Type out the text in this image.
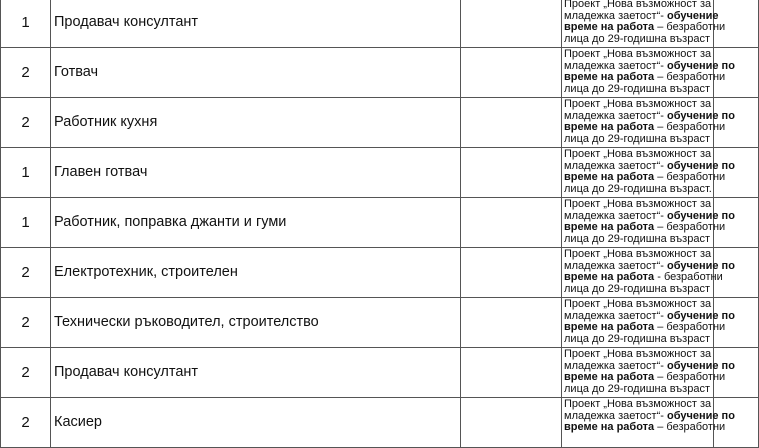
1	Продавач консултант		Проект „Нова възможност за
младежка заетост“- обучение
време на работа – безработни
лица до 29-годишна възраст	

2	Готвач		Проект „Нова възможност за
младежка заетост“- обучение по
време на работа – безработни
лица до 29-годишна възраст	

2	Работник кухня		Проект „Нова възможност за
младежка заетост“- обучение по
време на работа – безработни
лица до 29-годишна възраст	

1	Главен готвач		Проект „Нова възможност за
младежка заетост“- обучение по
време на работа – безработни
лица до 29-годишна възраст.	

1	Работник, поправка джанти и гуми		Проект „Нова възможност за
младежка заетост“- обучение по
време на работа – безработни
лица до 29-годишна възраст	

2	Електротехник, строителен		Проект „Нова възможност за
младежка заетост“- обучение по
време на работа - безработни
лица до 29-годишна възраст	

2	Технически ръководител, строителство		Проект „Нова възможност за
младежка заетост“- обучение по
време на работа – безработни
лица до 29-годишна възраст	

2	Продавач консултант		Проект „Нова възможност за
младежка заетост“- обучение по
време на работа – безработни
лица до 29-годишна възраст	

2	Касиер		Проект „Нова възможност за
младежка заетост“- обучение по
време на работа – безработни	
